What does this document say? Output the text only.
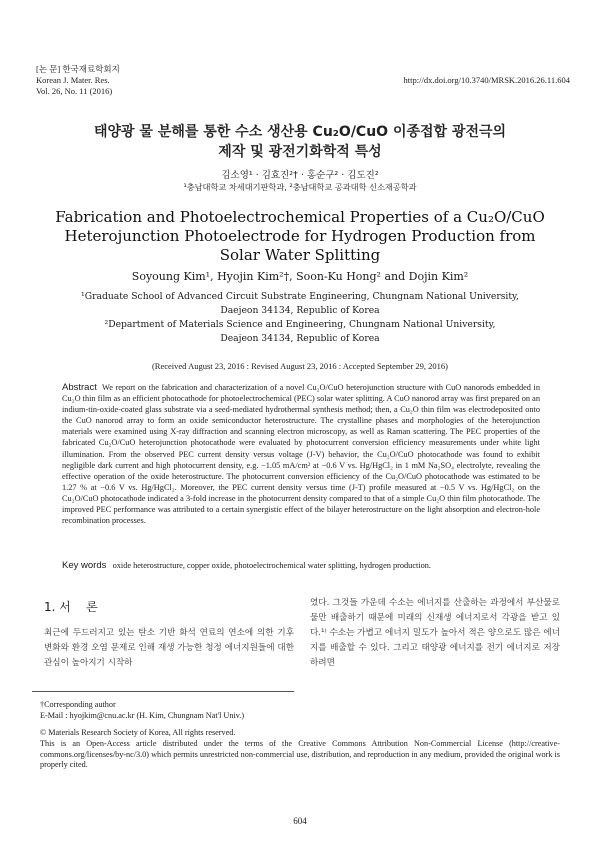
[논 문] 한국재료학회지
Korean J. Mater. Res.
Vol. 26, No. 11 (2016)
http://dx.doi.org/10.3740/MRSK.2016.26.11.604
태양광 물 분해를 통한 수소 생산용 Cu₂O/CuO 이종접합 광전극의
제작 및 광전기화학적 특성
김소영¹ · 김효진²† · 홍순구² · 김도진²
¹충남대학교 차세대기판학과, ²충남대학교 공과대학 신소재공학과
Fabrication and Photoelectrochemical Properties of a Cu₂O/CuO
Heterojunction Photoelectrode for Hydrogen Production from
Solar Water Splitting
Soyoung Kim¹, Hyojin Kim²†, Soon-Ku Hong² and Dojin Kim²
¹Graduate School of Advanced Circuit Substrate Engineering, Chungnam National University,
Daejeon 34134, Republic of Korea
²Department of Materials Science and Engineering, Chungnam National University,
Deajeon 34134, Republic of Korea
(Received August 23, 2016 : Revised August 23, 2016 : Accepted September 29, 2016)
Abstract We report on the fabrication and characterization of a novel Cu₂O/CuO heterojunction structure with CuO nanorods embedded in Cu₂O thin film as an efficient photocathode for photoelectrochemical (PEC) solar water splitting. A CuO nanorod array was first prepared on an indium-tin-oxide-coated glass substrate via a seed-mediated hydrothermal synthesis method; then, a Cu₂O thin film was electrodeposited onto the CuO nanorod array to form an oxide semiconductor heterostructure. The crystalline phases and morphologies of the heterojunction materials were examined using X-ray diffraction and scanning electron microscopy, as well as Raman scattering. The PEC properties of the fabricated Cu₂O/CuO heterojunction photocathode were evaluated by photocurrent conversion efficiency measurements under white light illumination. From the observed PEC current density versus voltage (J-V) behavior, the Cu₂O/CuO photocathode was found to exhibit negligible dark current and high photocurrent density, e.g. −1.05 mA/cm² at −0.6 V vs. Hg/HgCl₂ in 1 mM Na₂SO₄ electrolyte, revealing the effective operation of the oxide heterostructure. The photocurrent conversion efficiency of the Cu₂O/CuO photocathode was estimated to be 1.27 % at −0.6 V vs. Hg/HgCl₂. Moreover, the PEC current density versus time (J-T) profile measured at −0.5 V vs. Hg/HgCl₂ on the Cu₂O/CuO photocathode indicated a 3-fold increase in the photocurrent density compared to that of a simple Cu₂O thin film photocathode. The improved PEC performance was attributed to a certain synergistic effect of the bilayer heterostructure on the light absorption and electron-hole recombination processes.
Key words oxide heterostructure, copper oxide, photoelectrochemical water splitting, hydrogen production.
1. 서    론
최근에 두드러지고 있는 탄소 기반 화석 연료의 연소에 의한 기후 변화와 환경 오염 문제로 인해 재생 가능한 청정 에너지원들에 대한 관심이 높아지기 시작하
였다. 그것들 가운데 수소는 에너지를 산출하는 과정에서 부산물로 물만 배출하기 때문에 미래의 신재생 에너지로서 각광을 받고 있다.¹⁾ 수소는 가볍고 에너지 밀도가 높아서 적은 양으로도 많은 에너지를 배출할 수 있다. 그리고 태양광 에너지를 전기 에너지로 저장하려면
†Corresponding author
E-Mail : hyojkim@cnu.ac.kr (H. Kim, Chungnam Nat'l Univ.)
© Materials Research Society of Korea, All rights reserved.
This is an Open-Access article distributed under the terms of the Creative Commons Attribution Non-Commercial License (http://creative-commons.org/licenses/by-nc/3.0) which permits unrestricted non-commercial use, distribution, and reproduction in any medium, provided the original work is properly cited.
604
